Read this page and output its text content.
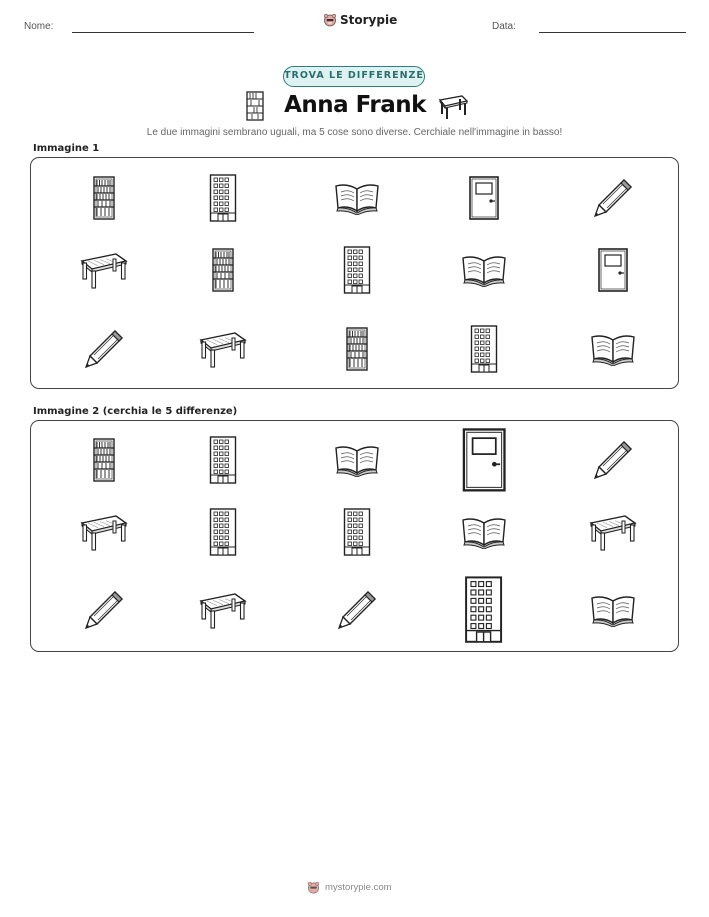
Nome:	Storypie	Data:
TROVA LE DIFFERENZE
Anna Frank
Le due immagini sembrano uguali, ma 5 cose sono diverse. Cerchiale nell'immagine in basso!
Immagine 1
Immagine 2 (cerchia le 5 differenze)
mystorypie.com
